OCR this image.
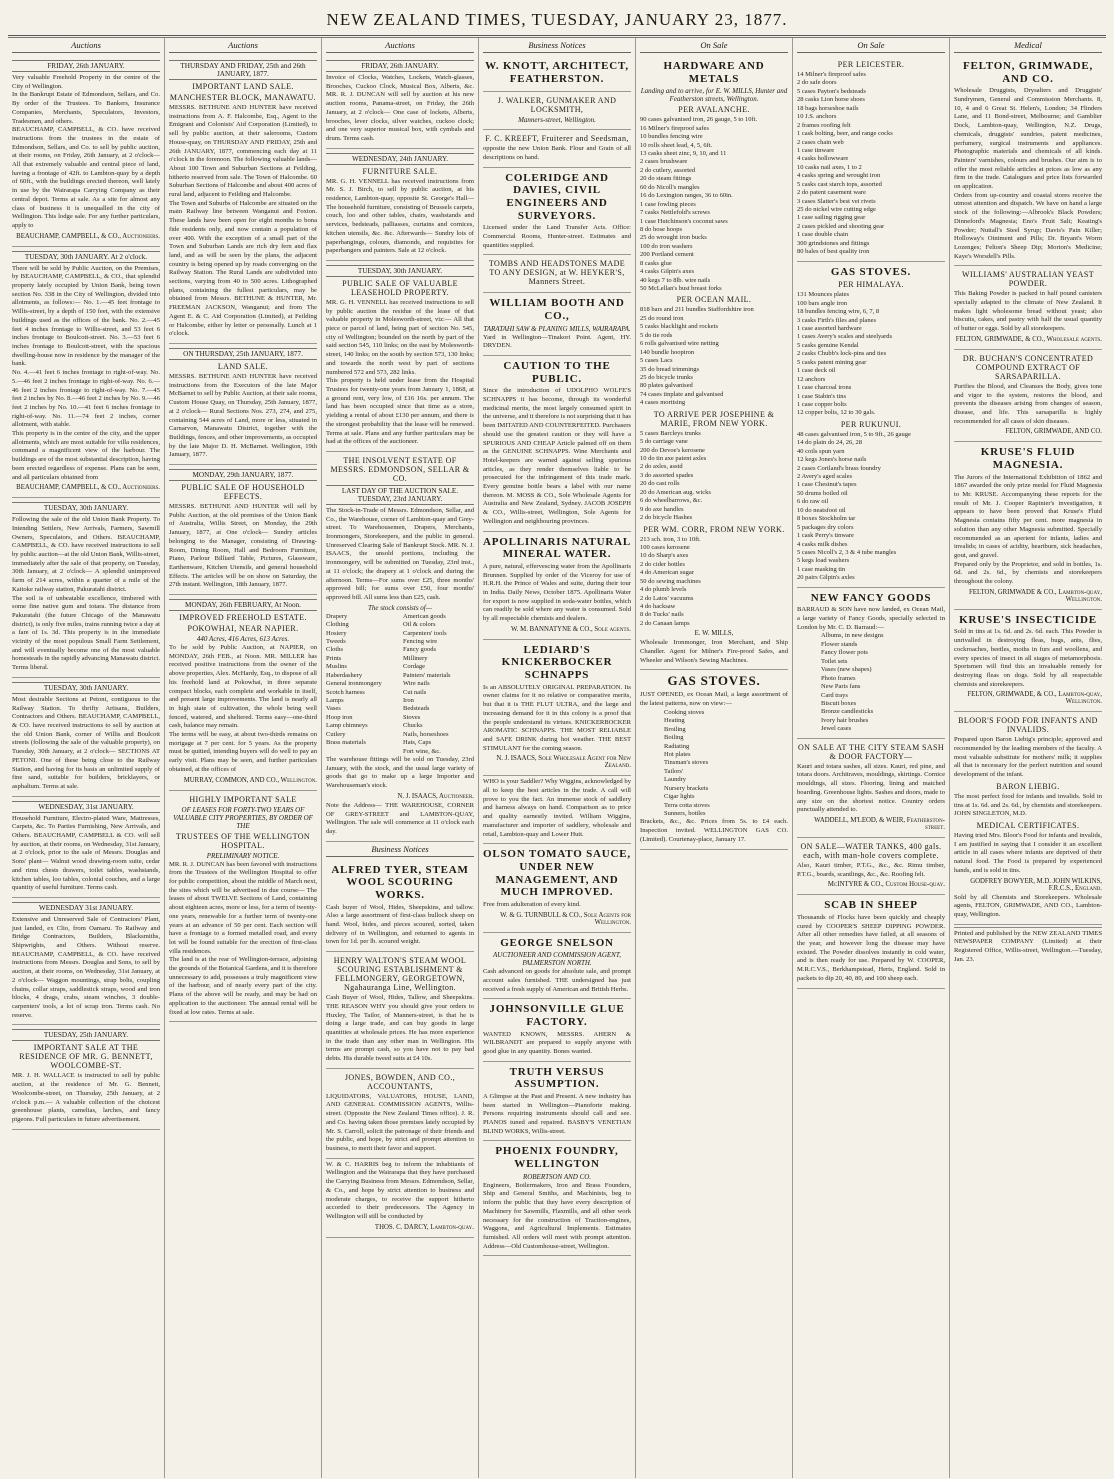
NEW ZEALAND TIMES, TUESDAY, JANUARY 23, 1877.
Auctions
FRIDAY, 26th JANUARY.

Very valuable Freehold Property in the centre of the City of Wellington.

In the Bankrupt Estate of Edmondson, Sellars, and Co. By order of the Trustees. To Bankers, Insurance Companies, Merchants, Speculators, Investors, Tradesmen, and others.

BEAUCHAMP, CAMPBELL, & CO. have received instructions from the trustees in the estate of Edmondson, Sellars, and Co. to sell by public auction, at their rooms, on Friday, 26th January, at 2 o'clock— All that extremely valuable and central piece of land, having a frontage of 42ft. to Lambton-quay by a depth of 60ft., with the buildings erected thereon, well lately in use by the Wairarapa Carrying Company as their central depot. Terms at sale. As a site for almost any class of business it is unequalled in the city of Wellington. This lodge sale. For any further particulars, apply to

BEAUCHAMP, CAMPBELL, & CO., Auctioneers.
TUESDAY, 30th JANUARY. At 2 o'clock.

There will be sold by Public Auction, on the Premises, by BEAUCHAMP, CAMPBELL, & CO., that splendid property lately occupied by Union Bank, being town section No. 338 in the City of Wellington, divided into allotments, as follows:— No. 1.—45 feet frontage to Willis-street, by a depth of 150 feet, with the extensive buildings used as the offices of the bank. No. 2.—45 feet 4 inches frontage to Willis-street, and 53 feet 6 inches frontage to Boulcott-street. No. 3.—53 feet 6 inches frontage to Boulcott-street, with the spacious dwelling-house now in residence by the manager of the bank.

No. 4.—41 feet 6 inches frontage to right-of-way. No. 5.—46 feet 2 inches frontage to right-of-way. No. 6.—46 feet 2 inches frontage to right-of-way. No. 7.—45 feet 2 inches by No. 8.—46 feet 2 inches by No. 9.—46 feet 2 inches by No. 10.—41 feet 6 inches frontage to right-of-way. No. 11.—74 feet 2 inches, corner allotment, with stable.

This property is in the centre of the city, and the upper allotments, which are most suitable for villa residences, command a magnificent view of the harbour. The buildings are of the most substantial description, having been erected regardless of expense. Plans can be seen, and all particulars obtained from

BEAUCHAMP, CAMPBELL, & CO., Auctioneers.
TUESDAY, 30th JANUARY.

Following the sale of the old Union Bank Property. To Intending Settlers, New Arrivals, Farmers, Sawmill Owners, Speculators, and Others. BEAUCHAMP, CAMPBELL, & CO. have received instructions to sell by public auction—at the old Union Bank, Willis-street, immediately after the sale of that property, on Tuesday, 30th January, at 2 o'clock— A splendid unimproved farm of 214 acres, within a quarter of a mile of the Kaitoke railway station, Pakuratahi district.

The soil is of unbeatable excellence, timbered with some fine native gum and totara. The distance from Pakuratahi (the future Chicago of the Manawatu district), is only five miles, trains running twice a day at a fare of 1s. 3d. This property is in the immediate vicinity of the most populous Small Farm Settlement, and will eventually become one of the most valuable homesteads in the rapidly advancing Manawatu district. Terms liberal.

TUESDAY, 30th JANUARY.

Most desirable Sections at Petoni, contiguous to the Railway Station. To thrifty Artisans, Builders, Contractors and Others. BEAUCHAMP, CAMPBELL, & CO. have received instructions to sell by auction at the old Union Bank, corner of Willis and Boulcott streets (following the sale of the valuable property), on Tuesday, 30th January, at 2 o'clock— SECTIONS AT PETONI. One of these being close to the Railway Station, and having for its basis an unlimited supply of fine sand, suitable for builders, bricklayers, or asphaltum. Terms at sale.

WEDNESDAY, 31st JANUARY.

Household Furniture, Electro-plated Ware, Mattresses, Carpets, &c. To Parties Furnishing, New Arrivals, and Others. BEAUCHAMP, CAMPBELL & CO. will sell by auction, at their rooms, on Wednesday, 31st January, at 2 o'clock, prior to the sale of Messrs. Douglas and Sons' plant— Walnut wood drawing-room suite, cedar and rimu chests drawers, toilet tables, washstands, kitchen tables, loo tables, colonial couches, and a large quantity of useful furniture. Terms cash.

WEDNESDAY 31st JANUARY.

Extensive and Unreserved Sale of Contractors' Plant, just landed, ex Clio, from Oamaru. To Railway and Bridge Contractors, Builders, Blacksmiths, Shipwrights, and Others. Without reserve. BEAUCHAMP, CAMPBELL, & CO. have received instructions from Messrs. Douglas and Sons, to sell by auction, at their rooms, on Wednesday, 31st January, at 2 o'clock— Waggon mountings, strap bolts, coupling chains, collar straps, saddlestick straps, wood and iron blocks, 4 drags, crabs, steam winches, 3 double-carpenters' tools, a lot of scrap iron. Terms cash. No reserve.

TUESDAY, 25th JANUARY.
IMPORTANT SALE AT THE RESIDENCE OF MR. G. BENNETT, WOOLCOMBE-ST.

MR. J. H. WALLACE is instructed to sell by public auction, at the residence of Mr. G. Bennett, Woolcombe-street, on Thursday, 25th January, at 2 o'clock p.m.— A valuable collection of the choicest greenhouse plants, camelias, larches, and fancy pigeons. Full particulars in future advertisement.

Auctions
THURSDAY AND FRIDAY, 25th and 26th JANUARY, 1877.
IMPORTANT LAND SALE.
MANCHESTER BLOCK, MANAWATU.

MESSRS. BETHUNE AND HUNTER have received instructions from A. F. Halcombe, Esq., Agent to the Emigrant and Colonists' Aid Corporation (Limited), to sell by public auction, at their salerooms, Custom House-quay, on THURSDAY AND FRIDAY, 25th and 26th JANUARY, 1877, commencing each day at 11 o'clock in the forenoon. The following valuable lands— About 100 Town and Suburban Sections at Feilding, hitherto reserved from sale. The Town of Halcombe. 60 Suburban Sections of Halcombe and about 400 acres of rural land, adjacent to Feilding and Halcombe.

The Town and Suburbs of Halcombe are situated on the main Railway line between Wanganui and Foxton. These lands have been open for eight months to bona fide residents only, and now contain a population of over 400. With the exception of a small part of the Town and Suburban Lands are rich dry fern and flax land, and as will be seen by the plans, the adjacent country is being opened up by roads converging on the Railway Station. The Rural Lands are subdivided into sections, varying from 40 to 500 acres. Lithographed plans, containing the fullest particulars, may be obtained from Messrs. BETHUNE & HUNTER, Mr. FREEMAN JACKSON, Wanganui; and from The Agent E. & C. Aid Corporation (Limited), at Feilding or Halcombe, either by letter or personally. Lunch at 1 o'clock.

ON THURSDAY, 25th JANUARY, 1877.
LAND SALE.

MESSRS. BETHUNE AND HUNTER have received instructions from the Executors of the late Major McBarnet to sell by Public Auction, at their sale rooms, Custom House Quay, on Thursday, 25th January, 1877, at 2 o'clock— Rural Sections Nos. 273, 274, and 275, containing 544 acres of Land, more or less, situated in Carnarvon, Manawatu District, together with the Buildings, fences, and other improvements, as occupied by the late Major D. H. McBarnet. Wellington, 19th January, 1877.

MONDAY, 29th JANUARY, 1877.
PUBLIC SALE OF HOUSEHOLD EFFECTS.

MESSRS. BETHUNE AND HUNTER will sell by Public Auction, at the old premises of the Union Bank of Australia, Willis Street, on Monday, the 29th January, 1877, at One o'clock— Sundry articles belonging to the Manager, consisting of Drawing-Room, Dining Room, Hall and Bedroom Furniture, Piano, Parlour Billiard Table, Pictures, Glassware, Earthenware, Kitchen Utensils, and general household Effects. The articles will be on show on Saturday, the 27th instant. Wellington, 18th January, 1877.

MONDAY, 26th FEBRUARY, At Noon.
IMPROVED FREEHOLD ESTATE.
POKOWHAI, NEAR NAPIER.
440 Acres, 416 Acres, 613 Acres.

To be sold by Public Auction, at NAPIER, on MONDAY, 26th FEB., at Noon. MR. MILLER has received positive instructions from the owner of the above properties, Alex. McHardy, Esq., to dispose of all his freehold land at Pokowhai, in three separate compact blocks, each complete and workable in itself, and present large improvements. The land is nearly all in high state of cultivation, the whole being well fenced, watered, and sheltered. Terms easy—one-third cash, balance may remain.

The terms will be easy, at about two-thirds remains on mortgage at 7 per cent. for 5 years. As the property must be quitted, intending buyers will do well to pay an early visit. Plans may be seen, and further particulars obtained, at the offices of

MURRAY, COMMON, AND CO., Wellington.
HIGHLY IMPORTANT SALE
OF LEASES FOR FORTY-TWO YEARS OF VALUABLE CITY PROPERTIES, BY ORDER OF THE
TRUSTEES OF THE WELLINGTON HOSPITAL.
PRELIMINARY NOTICE.

MR. R. J. DUNCAN has been favored with instructions from the Trustees of the Wellington Hospital to offer for public competition, about the middle of March next, the sites which will be advertised in due course— The leases of about TWELVE Sections of Land, containing about eighteen acres, more or less, for a term of twenty-one years, renewable for a further term of twenty-one years at an advance of 50 per cent. Each section will have a frontage to a formed metalled road, and every lot will be found suitable for the erection of first-class villa residences.

The land is at the rear of Wellington-terrace, adjoining the grounds of the Botanical Gardens, and it is therefore unnecessary to add, possesses a truly magnificent view of the harbour, and of nearly every part of the city. Plans of the above will be ready, and may be had on application to the auctioneer. The annual rental will be fixed at low rates. Terms at sale.

Auctions
FRIDAY, 26th JANUARY.

Invoice of Clocks, Watches, Lockets, Watch-glasses, Brooches, Cuckoo Clock, Musical Box, Alberts, &c. MR. R. J. DUNCAN will sell by auction at his new auction rooms, Panama-street, on Friday, the 26th January, at 2 o'clock— One case of lockets, Alberts, brooches, lever clocks, silver watches, cuckoo clock; and one very superior musical box, with cymbals and drum. Terms cash.

WEDNESDAY, 24th JANUARY.
FURNITURE SALE.

MR. G. H. VENNELL has received instructions from Mr. S. J. Birch, to sell by public auction, at his residence, Lambton-quay, opposite St. George's Hall— The household furniture, consisting of Brussels carpets, couch, loo and other tables, chairs, washstands and services, bedsteads, palliasses, curtains and cornices, kitchen utensils, &c. &c. Afterwards— Sundry lots of paperhangings, colours, diamonds, and requisites for paperhangers and painters. Sale at 12 o'clock.

TUESDAY, 30th JANUARY.
PUBLIC SALE OF VALUABLE LEASEHOLD PROPERTY.

MR. G. H. VENNELL has received instructions to sell by public auction the residue of the lease of that valuable property in Molesworth-street, viz:— All that piece or parcel of land, being part of section No. 545, city of Wellington; bounded on the north by part of the said section 545, 110 links; on the east by Molesworth-street, 140 links; on the south by section 573, 130 links; and towards the north west by part of sections numbered 572 and 573, 282 links.

This property is held under lease from the Hospital Trustees for twenty-one years from January 1, 1868, at a ground rent, very low, of £16 16s. per annum. The land has been occupied since that time as a store, yielding a rental of about £130 per annum, and there is the strongest probability that the lease will be renewed. Terms at sale. Plans and any further particulars may be had at the offices of the auctioneer.

THE INSOLVENT ESTATE OF MESSRS. EDMONDSON, SELLAR & CO.
LAST DAY OF THE AUCTION SALE. TUESDAY, 23rd JANUARY.

The Stock-in-Trade of Messrs. Edmondson, Sellar, and Co., the Warehouse, corner of Lambton-quay and Grey-street. To Warehousemen, Drapers, Merchants, Ironmongers, Storekeepers, and the public in general. Unreserved Clearing Sale of Bankrupt Stock. MR. N. J. ISAACS, the unsold portions, including the ironmongery, will be submitted on Tuesday, 23rd inst., at 11 o'clock; the drapery at 1 o'clock and during the afternoon. Terms—For sums over £25, three months' approved bill; for sums over £50, four months' approved bill. All sums less than £25, cash.

The stock consists of—
Drapery
Clothing
Hosiery
Tweeds
Cloths
Prints
Muslins
Haberdashery
General ironmongery
Scotch harness
Lamps
Vases
Hoop iron
Lamp chimneys
Cutlery
Brass materials
American goods
Oil & colors
Carpenters' tools
Fencing wire
Fancy goods
Millinery
Cordage
Painters' materials
Wire nails
Cut nails
Iron
Bedsteads
Stoves
Chucks
Nails, horseshoes
Hats, Caps
Fort wine, &c.

The warehouse fittings will be sold on Tuesday, 23rd January, with the stock, and the usual large variety of goods that go to make up a large Importer and Warehouseman's stock.

N. J. ISAACS, Auctioneer.

Note the Address— THE WAREHOUSE, CORNER OF GREY-STREET and LAMBTON-QUAY, Wellington. The sale will commence at 11 o'clock each day.

Business Notices
ALFRED TYER, STEAM WOOL SCOURING WORKS.

Cash buyer of Wool, Hides, Sheepskins, and tallow. Also a large assortment of first-class bullock sheep on hand. Wool, hides, and pieces scoured, sorted, taken delivery of in Wellington, and returned to agents in town for 1d. per lb. scoured weight.

HENRY WALTON'S STEAM WOOL SCOURING ESTABLISHMENT & FELLMONGERY, GEORGETOWN, Ngahauranga Line, Wellington.

Cash Buyer of Wool, Hides, Tallow, and Sheepskins. THE REASON WHY you should give your orders to Huxley, The Tailor, of Manners-street, is that he is doing a large trade, and can buy goods in large quantities at wholesale prices. He has more experience in the trade than any other man in Wellington. His terms are prompt cash, so you have not to pay bad debts. His durable tweed suits at £4 10s.

JONES, BOWDEN, AND CO., ACCOUNTANTS,

LIQUIDATORS, VALUATORS, HOUSE, LAND, AND GENERAL COMMISSION AGENTS, Willis-street. (Opposite the New Zealand Times office). J. R. and Co. having taken those premises lately occupied by Mr. S. Carroll, solicit the patronage of their friends and the public, and hope, by strict and prompt attention to business, to merit their favor and support.

W. & C. HARRIS beg to inform the inhabitants of Wellington and the Wairarapa that they have purchased the Carrying Business from Messrs. Edmondson, Sellar, & Co., and hope by strict attention to business and moderate charges, to receive the support hitherto accorded to their predecessors. The Agency in Wellington will still be conducted by

THOS. C. DARCY, Lambton-quay.
Business Notices
W. KNOTT, ARCHITECT, FEATHERSTON.
J. WALKER, GUNMAKER AND LOCKSMITH,
Manners-street, Wellington.
F. C. KREEFT, Fruiterer and Seedsman,

opposite the new Union Bank. Flour and Grain of all descriptions on hand.

COLERIDGE AND DAVIES, CIVIL ENGINEERS AND SURVEYORS.

Licensed under the Land Transfer Acts. Office: Commercial Rooms, Hunter-street. Estimates and quantities supplied.

TOMBS AND HEADSTONES MADE TO ANY DESIGN, at W. HEYKER'S, Manners Street.
WILLIAM BOOTH AND CO.,
TARATAHI SAW & PLANING MILLS, WAIRARAPA.

Yard in Wellington—Tinakori Point. Agent, HY. DRYDEN.

CAUTION TO THE PUBLIC.

Since the introduction of UDOLPHO WOLFE'S SCHNAPPS it has become, through its wonderful medicinal merits, the most largely consumed spirit in the universe, and it therefore is not surprising that it has been IMITATED AND COUNTERFEITED. Purchasers should use the greatest caution or they will have a SPURIOUS AND CHEAP Article palmed off on them as the GENUINE SCHNAPPS. Wine Merchants and Hotel-keepers are warned against selling spurious articles, as they render themselves liable to be prosecuted for the infringement of this trade mark. Every genuine bottle bears a label with our name thereon. M. MOSS & CO., Sole Wholesale Agents for Australia and New Zealand, Sydney. JACOB JOSEPH & CO., Willis-street, Wellington, Sole Agents for Wellington and neighbouring provinces.

APOLLINARIS NATURAL MINERAL WATER.

A pure, natural, effervescing water from the Apollinaris Brunnen. Supplied by order of the Viceroy for use of H.R.H. the Prince of Wales and suite, during their tour in India. Daily News, October 1875. Apollinaris Water for export is now supplied in soda-water bottles, which can readily be sold where any water is consumed. Sold by all respectable chemists and dealers.

W. M. BANNATYNE & CO., Sole agents.
LEDIARD'S KNICKERBOCKER SCHNAPPS

Is an ABSOLUTELY ORIGINAL PREPARATION. Its owner claims for it no relative or comparative merits, but that it is THE FLUT ULTRA, and the large and increasing demand for it in this colony is a proof that the people understand its virtues. KNICKERBOCKER AROMATIC SCHNAPPS. THE MOST RELIABLE and SAFE DRINK during hot weather. THE BEST STIMULANT for the coming season.

N. J. ISAACS, Sole Wholesale Agent for New Zealand.

WHO is your Saddler? Why Wiggins, acknowledged by all to keep the best articles in the trade. A call will prove to you the fact. An immense stock of saddlery and harness always on hand. Comparison as to price and quality earnestly invited. William Wiggins, manufacturer and importer of saddlery, wholesale and retail, Lambton-quay and Lower Hutt.

OLSON TOMATO SAUCE, UNDER NEW MANAGEMENT, AND MUCH IMPROVED.

Free from adulteration of every kind.

W. & G. TURNBULL & CO., Sole Agents for Wellington.
GEORGE SNELSON
AUCTIONEER AND COMMISSION AGENT, PALMERSTON NORTH.

Cash advanced on goods for absolute sale, and prompt account sales furnished. THE undersigned has just received a fresh supply of American and British Herbs.

JOHNSONVILLE GLUE FACTORY.

WANTED KNOWN, MESSRS. AHERN & WILBRANDT are prepared to supply anyone with good glue in any quantity. Bones wanted.

TRUTH VERSUS ASSUMPTION.

A Glimpse at the Past and Present. A new industry has been started in Wellington—Pianoforte making. Persons requiring instruments should call and see. PIANOS tuned and repaired. BASBY'S VENETIAN BLIND WORKS, Willis-street.

PHOENIX FOUNDRY, WELLINGTON
ROBERTSON AND CO.

Engineers, Boilermakers, Iron and Brass Founders, Ship and General Smiths, and Machinists, beg to inform the public that they have every description of Machinery for Sawmills, Flaxmills, and all other work necessary for the construction of Traction-engines, Waggons, and Agricultural Implements. Estimates furnished. All orders will meet with prompt attention. Address—Old Customhouse-street, Wellington.

On Sale
HARDWARE AND METALS
Landing and to arrive, for E. W. MILLS, Hunter and Featherston streets, Wellington.
PER AVALANCHE.
90 cases galvanised iron, 26 gauge, 5 to 10ft.
16 Milner's fireproof safes
10 bundles fencing wire
10 rolls sheet lead, 4, 5, 6ft.
13 casks sheet zinc, 9, 10, and 11
2 cases brushware
2 do cutlery, assorted
20 do steam fittings
60 do Nicoll's mangles
16 do Lexington ranges, 36 to 60in.
1 case fowling pieces
7 casks Nettlefold's screws
1 case Hutchinson's coconut saws
8 do hose hoops
25 do wrought iron bucks
100 do iron washers
200 Portland cement
8 casks glue
4 casks Gilpin's axes
40 kegs 7 to 8lb. wire nails
50 McLellan's bust breast forks
PER OCEAN MAIL.
818 bars and 211 bundles Staffordshire iron
25 do round iron
5 casks blacklight and rockets
5 do tie rods
6 rolls galvanised wire netting
140 bundle hoopiron
5 cases Lacs
35 do bread trimmings
25 do bicycle trunks
80 plates galvanised
74 cases tinplate and galvanised
4 cases mortising
TO ARRIVE PER JOSEPHINE & MARIE, FROM NEW YORK.
5 cases Barcleys trunks
5 do carriage vane
200 do Devoe's kerosene
10 do tin axe patent axles
2 do axles, asstd
3 do assorted spades
20 do cast rolls
20 do American aug. wicks
6 do wheelbarrows, &c.
9 do axe handles
2 do bicycle Hashes
PER WM. CORR, FROM NEW YORK.
213 sch. iron, 3 to 10ft.
100 cases kerosene
10 do Sharp's axes
2 do cider bottles
4 do American sugar
50 do sewing machines
4 do plumb levels
2 do Latos' vacuums
4 do hacksaw
8 do Tucks' nails
2 do Canaan lamps
E. W. MILLS,

Wholesale Ironmonger, Iron Merchant, and Ship Chandler. Agent for Milner's Fire-proof Safes, and Wheeler and Wilson's Sewing Machines.

GAS STOVES.

JUST OPENED, ex Ocean Mail, a large assortment of the latest patterns, now on view:—

Cooking stoves
Heating
Broiling
Boiling
Radiating
Hot plates
Tinsman's stoves
Tailors'
Laundry
Nursery brackets
Cigar lights
Terra cotta stoves
Sunners, bottles

Brackets, &c., &c. Prices from 5s. to £4 each. Inspection invited. WELLINGTON GAS CO. (Limited). Courtenay-place, January 17.

On Sale
PER LEICESTER.
14 Milner's fireproof safes
2 do safe doors
5 cases Payton's bedsteads
28 casks Lion horse shoes
18 bags horseshoe nails
10 J.S. anchors
2 frames roofing felt
1 cask bolting, beer, and range cocks
2 cases chain web
1 case tinware
4 casks hollowware
10 casks nail axes, 1 to 2
4 casks spring and wrought iron
5 casks cast starch tops, assorted
2 do patent casement ware
3 cases Slatter's best vei rivets
25 do nickel wire cutting edge
1 case sailing rigging gear
2 cases pickled and shooting gear
1 case double chain
300 grindstones and fittings
80 bales of best quality iron
GAS STOVES.
PER HIMALAYA.
131 Mounces plates
100 bars angle iron
18 bundles fencing wire, 6, 7, 8
3 casks Firth's files and planes
1 case assorted hardware
1 cases Avery's scales and steelyards
5 casks genuine Kendal
2 casks Chubb's lock-pins and ties
5 casks patent mining gear
1 case deck oil
12 anchors
1 case charcoal irons
1 case Stabin's tins
1 case copper bolts
12 copper bolts, 12 to 30 gals.
PER RUKUNUI.
48 cases galvanised iron, 5 to 9ft., 26 gauge
14 do plain do 24, 26, 28
40 coils spun yarn
12 kegs Jones's horse nails
2 cases Cortland's brass foundry
2 Avery's aged scales
1 case Chestnut's tapes
50 drums boiled oil
6 do raw oil
10 do neatsfoot oil
8 boxes Stockholm tar
5 packages dry colors
1 cask Perry's tinware
4 casks milk dishes
5 cases Nicoll's 2, 3 & 4 tube mangles
5 kegs load washers
1 case masking tin
20 pairs Gilpin's axles
NEW FANCY GOODS

BARRAUD & SON have now landed, ex Ocean Mail, a large variety of Fancy Goods, specially selected in London by Mr. C. D. Barraud:—

Albums, in new designs
Flower stands
Fancy flower pots
Toilet sets
Vases (new shapes)
Photo frames
New Paris fans
Card trays
Biscuit boxes
Bronze candlesticks
Ivory hair brushes
Jewel cases
ON SALE AT THE CITY STEAM SASH & DOOR FACTORY—

Kauri and totara sashes, all sizes. Kauri, red pine, and totara doors. Architraves, mouldings, skirtings. Cornice mouldings, all sizes. Flooring, lining and matched boarding. Greenhouse lights. Sashes and doors, made to any size on the shortest notice. Country orders punctually attended to.

WADDELL, M'LEOD, & WEIR, Featherston-street.
ON SALE—WATER TANKS, 400 gals. each, with man-hole covers complete.

Also, Kauri timber, P.T.G., &c., &c. Rimu timber, P.T.G., boards, scantlings, &c., &c. Roofing felt.

McINTYRE & CO., Custom House-quay.
SCAB IN SHEEP

Thousands of Flocks have been quickly and cheaply cured by COOPER'S SHEEP DIPPING POWDER. After all other remedies have failed, at all seasons of the year, and however long the disease may have existed. The Powder dissolves instantly in cold water, and is then ready for use. Prepared by W. COOPER, M.R.C.V.S., Berkhampstead, Herts, England. Sold in packets to dip 20, 40, 80, and 100 sheep each.

Medical
FELTON, GRIMWADE, AND CO.

Wholesale Druggists, Drysalters and Druggists' Sundrymen, General and Commission Merchants. 8, 10, 4 and 6 Great St. Helen's, London; 34 Flinders Lane, and 11 Bond-street, Melbourne; and Gamblier Dock, Lambton-quay, Wellington, N.Z. Drugs, chemicals, druggists' sundries, patent medicines, perfumery, surgical instruments and appliances. Photographic materials and chemicals of all kinds. Painters' varnishes, colours and brushes. Our aim is to offer the most reliable articles at prices as low as any firm in the trade. Catalogues and price lists forwarded on application.

Orders from up-country and coastal stores receive the utmost attention and dispatch. We have on hand a large stock of the following:—Albrook's Black Powders; Dinneford's Magnesia; Eno's Fruit Salt; Keating's Powder; Nuttall's Steel Syrup; Davis's Pain Killer; Holloway's Ointment and Pills; Dr. Bryant's Worm Lozenges; Felton's Sheep Dip; Morton's Medicine; Kaye's Worsdell's Pills.

WILLIAMS' AUSTRALIAN YEAST POWDER.

This Baking Powder is packed in half pound canisters specially adapted to the climate of New Zealand. It makes light wholesome bread without yeast; also biscuits, cakes, and pastry with half the usual quantity of butter or eggs. Sold by all storekeepers.

FELTON, GRIMWADE, & CO., Wholesale agents.
DR. BUCHAN'S CONCENTRATED COMPOUND EXTRACT OF SARSAPARILLA.

Purifies the Blood, and Cleanses the Body, gives tone and vigor to the system, restores the blood, and prevents the diseases arising from changes of season, disease, and life. This sarsaparilla is highly recommended for all cases of skin diseases.

FELTON, GRIMWADE, AND CO.
KRUSE'S FLUID MAGNESIA.

The Jurors of the International Exhibition of 1862 and 1867 awarded the only prize medal for Fluid Magnesia to Mr. KRUSE. Accompanying these reports for the result of Mr. J. Cooper Rapinier's investigation, it appears to have been proved that Kruse's Fluid Magnesia contains fifty per cent. more magnesia in solution than any other Magnesia submitted. Specially recommended as an aperient for infants, ladies and invalids; in cases of acidity, heartburn, sick headaches, gout, and gravel.

Prepared only by the Proprietor, and sold in bottles, 1s. 6d. and 2s. 6d., by chemists and storekeepers throughout the colony.

FELTON, GRIMWADE & CO., Lambton-quay, Wellington.
KRUSE'S INSECTICIDE

Sold in tins at 1s. 6d. and 2s. 6d. each. This Powder is unrivalled in destroying fleas, bugs, ants, flies, cockroaches, beetles, moths in furs and woollens, and every species of insect in all stages of metamorphosis. Sportsmen will find this an invaluable remedy for destroying fleas on dogs. Sold by all respectable chemists and storekeepers.

FELTON, GRIMWADE, & CO., Lambton-quay, Wellington.
BLOOR'S FOOD FOR INFANTS AND INVALIDS.

Prepared upon Baron Liebig's principle; approved and recommended by the leading members of the faculty. A most valuable substitute for mothers' milk; it supplies all that is necessary for the perfect nutrition and sound development of the infant.

BARON LIEBIG.

The most perfect food for infants and invalids. Sold in tins at 1s. 6d. and 2s. 6d., by chemists and storekeepers. JOHN SINGLETON, M.D.

MEDICAL CERTIFICATES.

Having tried Mrs. Bloor's Food for infants and invalids, I am justified in saying that I consider it an excellent article in all cases where infants are deprived of their natural food. The Food is prepared by experienced hands, and is sold in tins.

GODFREY BOWYER, M.D. JOHN WILKINS, F.R.C.S., England.

Sold by all Chemists and Storekeepers. Wholesale agents, FELTON, GRIMWADE, AND CO., Lambton-quay, Wellington.

Printed and published by the NEW ZEALAND TIMES NEWSPAPER COMPANY (Limited) at their Registered Office, Willis-street, Wellington.—Tuesday, Jan. 23.
